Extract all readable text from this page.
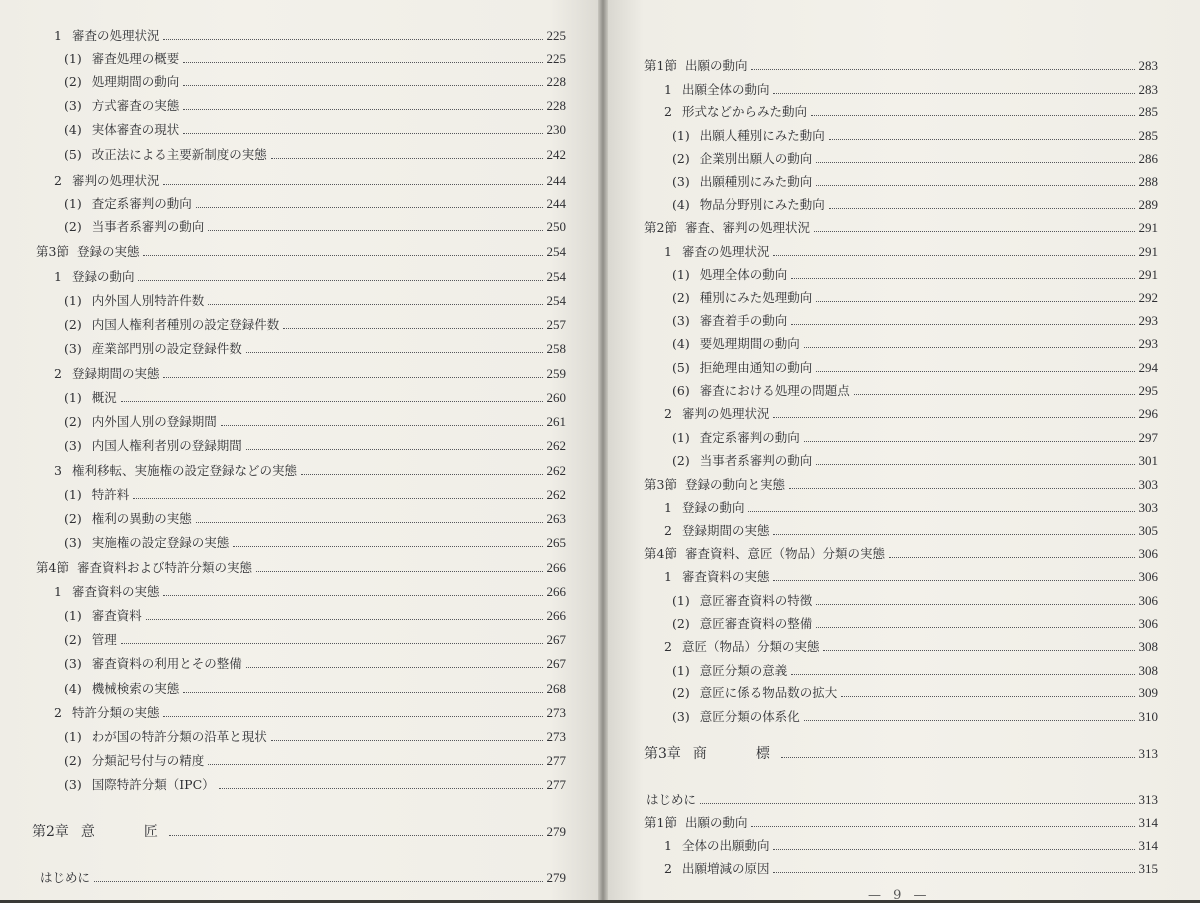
1 審査の処理状況	225
(1) 審査処理の概要	225
(2) 処理期間の動向	228
(3) 方式審査の実態	228
(4) 実体審査の現状	230
(5) 改正法による主要新制度の実態	242
2 審判の処理状況	244
(1) 査定系審判の動向	244
(2) 当事者系審判の動向	250
第3節 登録の実態	254
1 登録の動向	254
(1) 内外国人別特許件数	254
(2) 内国人権利者種別の設定登録件数	257
(3) 産業部門別の設定登録件数	258
2 登録期間の実態	259
(1) 概況	260
(2) 内外国人別の登録期間	261
(3) 内国人権利者別の登録期間	262
3 権利移転、実施権の設定登録などの実態	262
(1) 特許料	262
(2) 権利の異動の実態	263
(3) 実施権の設定登録の実態	265
第4節 審査資料および特許分類の実態	266
1 審査資料の実態	266
(1) 審査資料	266
(2) 管理	267
(3) 審査資料の利用とその整備	267
(4) 機械検索の実態	268
2 特許分類の実態	273
(1) わが国の特許分類の沿革と現状	273
(2) 分類記号付与の精度	277
(3) 国際特許分類（IPC）	277
第2章 意　　匠	279
はじめに	279
第1節 出願の動向	283
1 出願全体の動向	283
2 形式などからみた動向	285
(1) 出願人種別にみた動向	285
(2) 企業別出願人の動向	286
(3) 出願種別にみた動向	288
(4) 物品分野別にみた動向	289
第2節 審査、審判の処理状況	291
1 審査の処理状況	291
(1) 処理全体の動向	291
(2) 種別にみた処理動向	292
(3) 審査着手の動向	293
(4) 要処理期間の動向	293
(5) 拒絶理由通知の動向	294
(6) 審査における処理の問題点	295
2 審判の処理状況	296
(1) 査定系審判の動向	297
(2) 当事者系審判の動向	301
第3節 登録の動向と実態	303
1 登録の動向	303
2 登録期間の実態	305
第4節 審査資料、意匠（物品）分類の実態	306
1 審査資料の実態	306
(1) 意匠審査資料の特徴	306
(2) 意匠審査資料の整備	306
2 意匠（物品）分類の実態	308
(1) 意匠分類の意義	308
(2) 意匠に係る物品数の拡大	309
(3) 意匠分類の体系化	310
第3章 商　　標	313
はじめに	313
第1節 出願の動向	314
1 全体の出願動向	314
2 出願増減の原因	315
— 9 —
